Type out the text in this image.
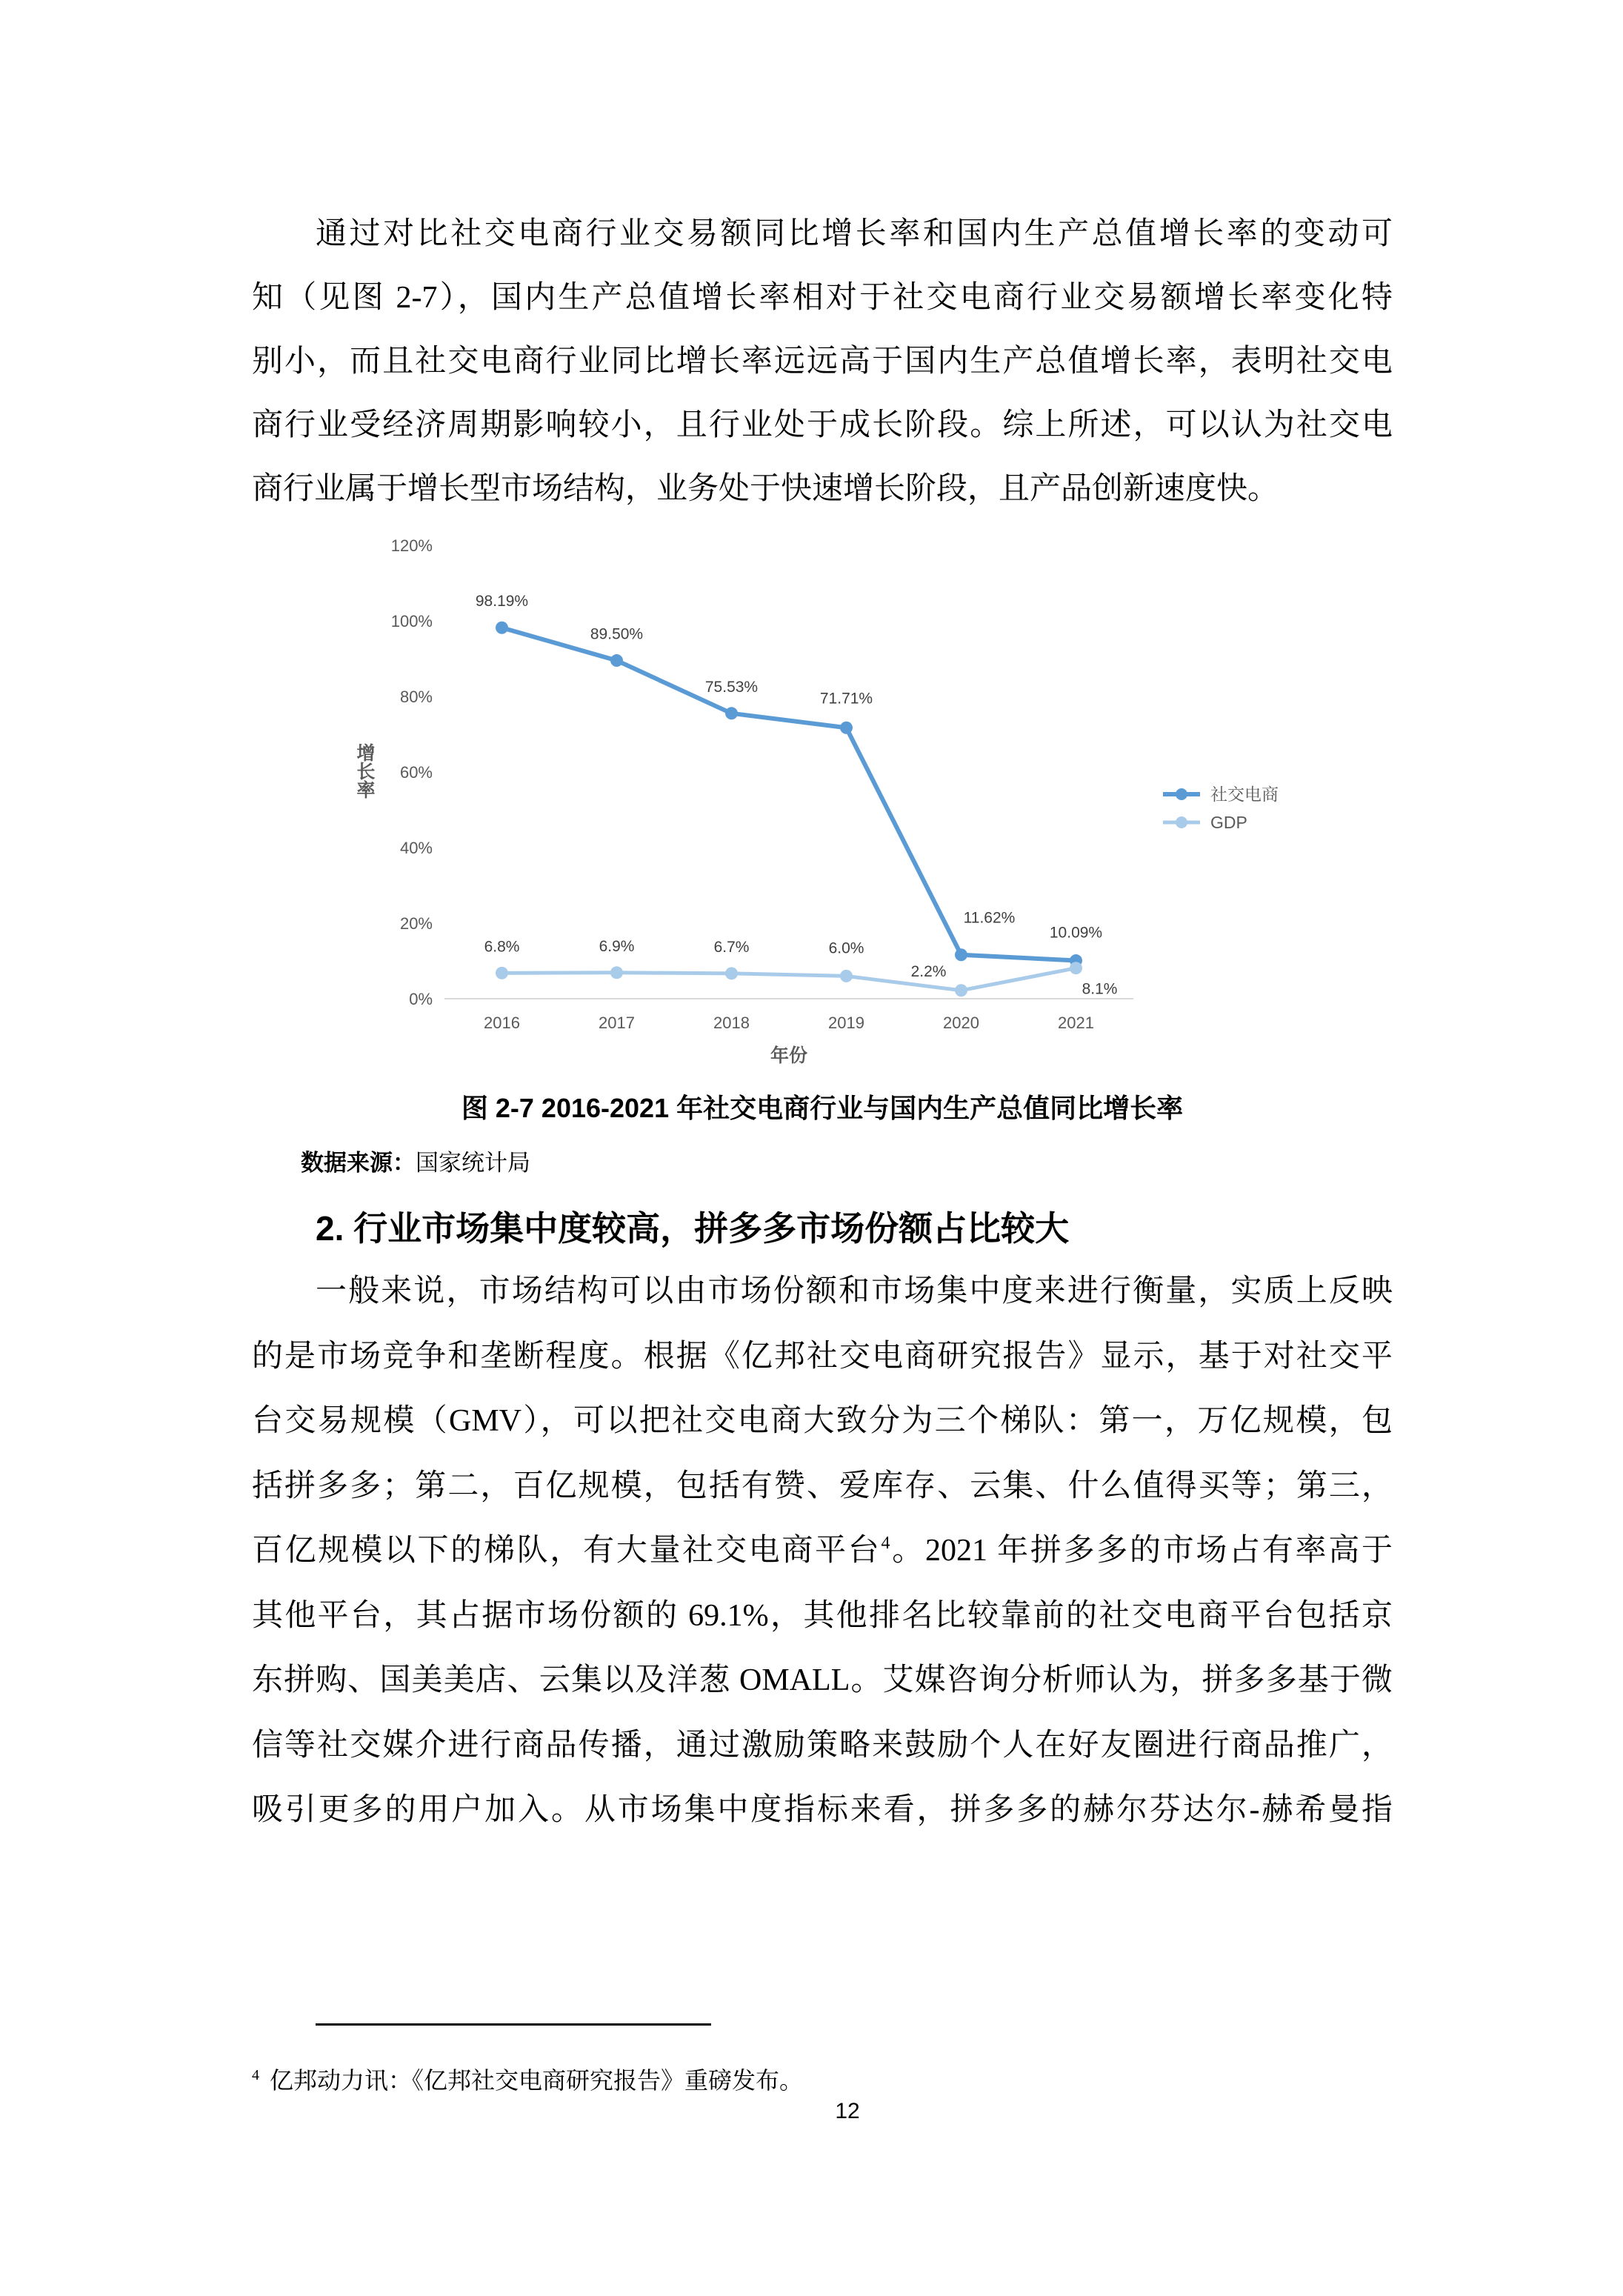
通过对比社交电商行业交易额同比增长率和国内生产总值增长率的变动可
知（见图 2-7），国内生产总值增长率相对于社交电商行业交易额增长率变化特
别小，而且社交电商行业同比增长率远远高于国内生产总值增长率，表明社交电
商行业受经济周期影响较小，且行业处于成长阶段。综上所述，可以认为社交电
商行业属于增长型市场结构，业务处于快速增长阶段，且产品创新速度快。
0%
20%
40%
60%
80%
100%
120%
2016	2017	2018	2019	2020	2021
年份
98.19%
89.50%
75.53%
71.71%
11.62%
10.09%
社交电商
6.8%	6.9%	6.7%	6.0%
2.2%
8.1%
GDP
增长率
图 2-7 2016-2021 年社交电商行业与国内生产总值同比增长率
数据来源：国家统计局
2. 行业市场集中度较高，拼多多市场份额占比较大
一般来说，市场结构可以由市场份额和市场集中度来进行衡量，实质上反映
的是市场竞争和垄断程度。根据《亿邦社交电商研究报告》显示，基于对社交平
台交易规模（GMV），可以把社交电商大致分为三个梯队：第一，万亿规模，包
括拼多多；第二，百亿规模，包括有赞、爱库存、云集、什么值得买等；第三，
百亿规模以下的梯队，有大量社交电商平台$^4$。2021 年拼多多的市场占有率高于
其他平台，其占据市场份额的 69.1%，其他排名比较靠前的社交电商平台包括京
东拼购、国美美店、云集以及洋葱 OMALL。艾媒咨询分析师认为，拼多多基于微
信等社交媒介进行商品传播，通过激励策略来鼓励个人在好友圈进行商品推广，
吸引更多的用户加入。从市场集中度指标来看，拼多多的赫尔芬达尔-赫希曼指
$^4$ 亿邦动力讯：《亿邦社交电商研究报告》重磅发布。
12
